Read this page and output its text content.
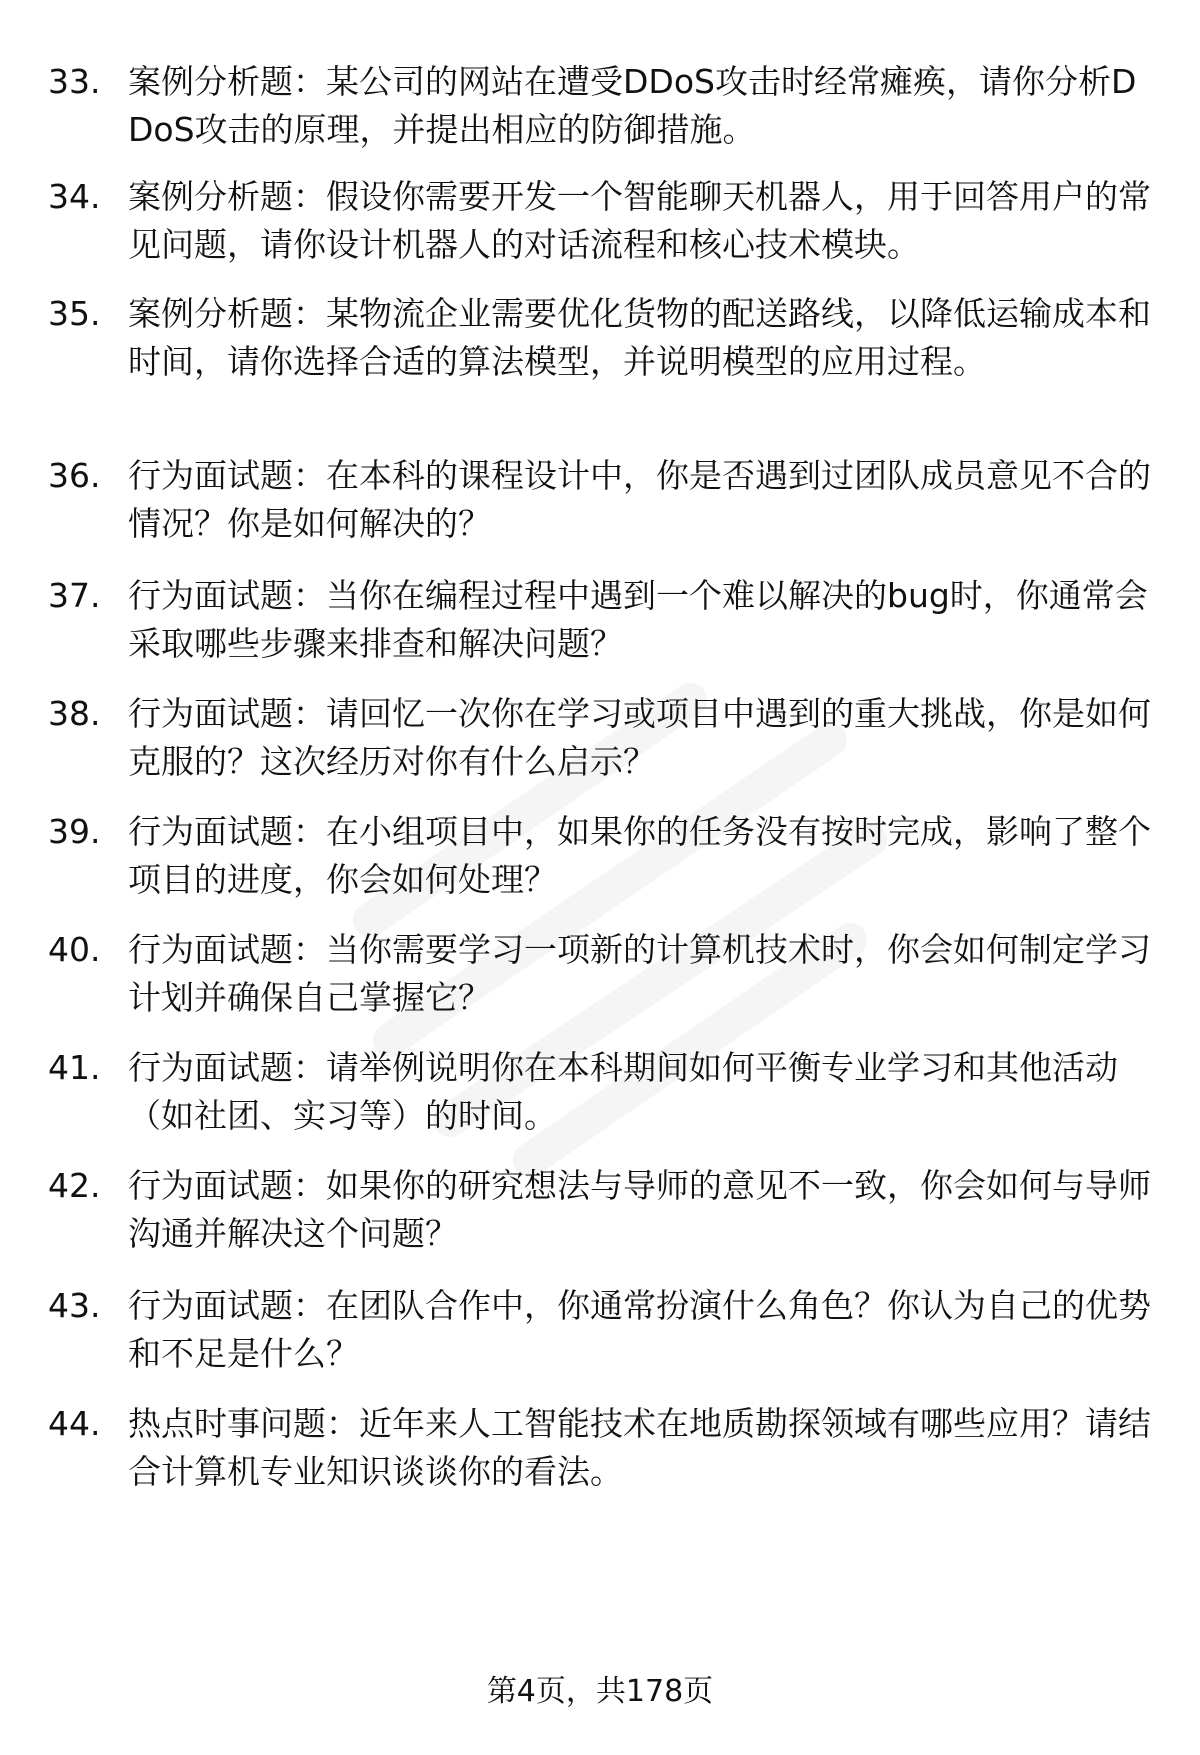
33. 案例分析题：某公司的网站在遭受DDoS攻击时经常瘫痪，请你分析DDoS攻击的原理，并提出相应的防御措施。
34. 案例分析题：假设你需要开发一个智能聊天机器人，用于回答用户的常见问题，请你设计机器人的对话流程和核心技术模块。
35. 案例分析题：某物流企业需要优化货物的配送路线，以降低运输成本和时间，请你选择合适的算法模型，并说明模型的应用过程。
36. 行为面试题：在本科的课程设计中，你是否遇到过团队成员意见不合的情况？你是如何解决的？
37. 行为面试题：当你在编程过程中遇到一个难以解决的bug时，你通常会采取哪些步骤来排查和解决问题？
38. 行为面试题：请回忆一次你在学习或项目中遇到的重大挑战，你是如何克服的？这次经历对你有什么启示？
39. 行为面试题：在小组项目中，如果你的任务没有按时完成，影响了整个项目的进度，你会如何处理？
40. 行为面试题：当你需要学习一项新的计算机技术时，你会如何制定学习计划并确保自己掌握它？
41. 行为面试题：请举例说明你在本科期间如何平衡专业学习和其他活动（如社团、实习等）的时间。
42. 行为面试题：如果你的研究想法与导师的意见不一致，你会如何与导师沟通并解决这个问题？
43. 行为面试题：在团队合作中，你通常扮演什么角色？你认为自己的优势和不足是什么？
44. 热点时事问题：近年来人工智能技术在地质勘探领域有哪些应用？请结合计算机专业知识谈谈你的看法。
第4页，共178页
